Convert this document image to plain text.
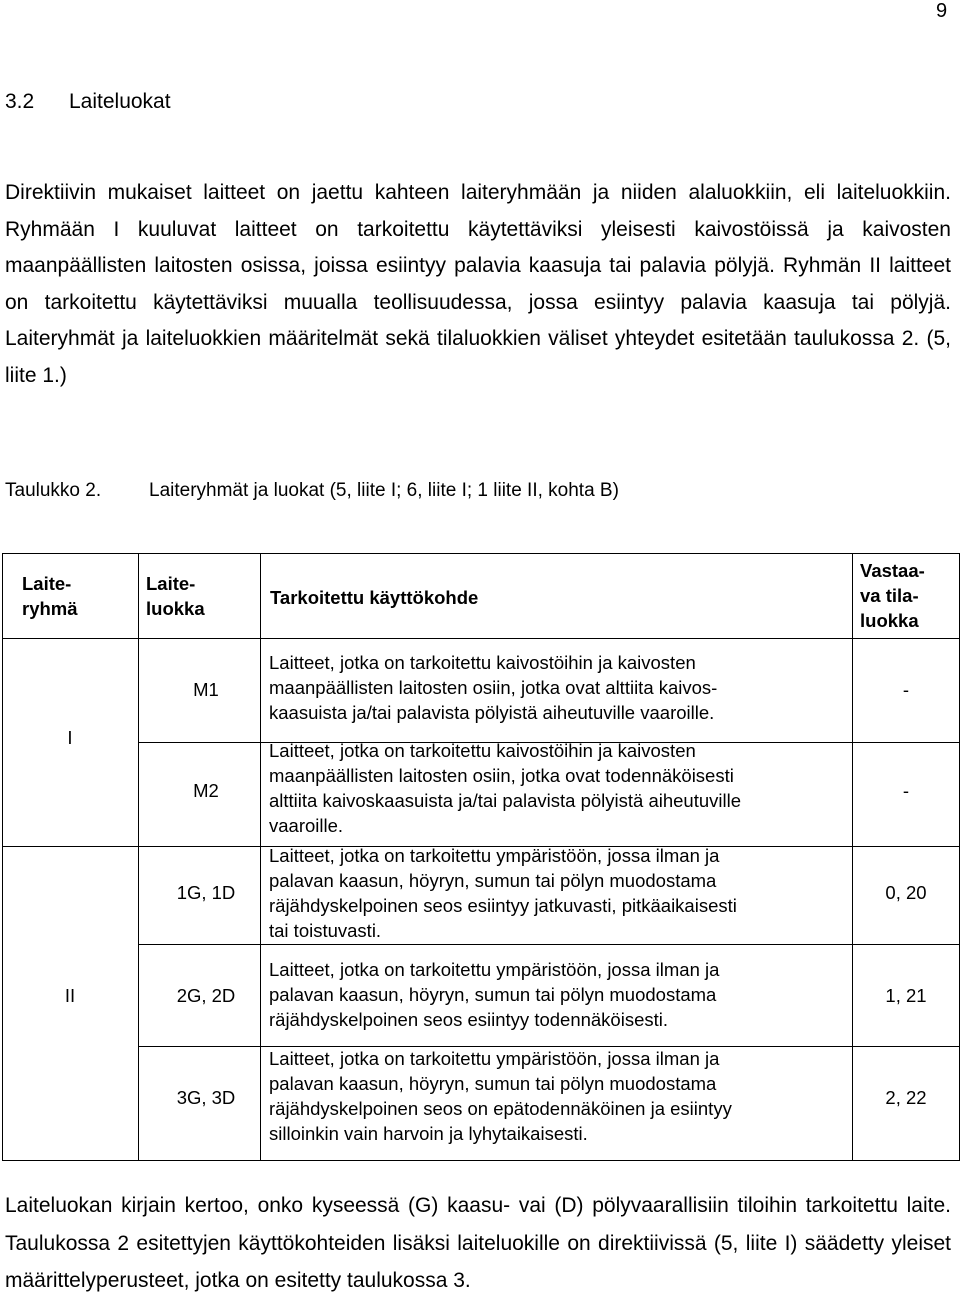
9
3.2 Laiteluokat

Direktiivin mukaiset laitteet on jaettu kahteen laiteryhmään ja niiden alaluokkiin, eli laiteluokkiin. Ryhmään I kuuluvat laitteet on tarkoitettu käytettäviksi yleisesti kaivostöissä ja kaivosten maanpäällisten laitosten osissa, joissa esiintyy palavia kaasuja tai palavia pölyjä. Ryhmän II laitteet on tarkoitettu käytettäviksi muualla teollisuudessa, jossa esiintyy palavia kaasuja tai pölyjä. Laiteryhmät ja laiteluokkien määritelmät sekä tilaluokkien väliset yhteydet esitetään taulukossa 2. (5, liite 1.)

Taulukko 2.	Laiteryhmät ja luokat (5, liite I; 6, liite I; 1 liite II, kohta B)
Laite-
ryhmä
Laite-
luokka
Tarkoitettu käyttökohde
Vastaa-
va tila-
luokka
I
II
M1
Laitteet, jotka on tarkoitettu kaivostöihin ja kaivosten
maanpäällisten laitosten osiin, jotka ovat alttiita kaivos-
kaasuista ja/tai palavista pölyistä aiheutuville vaaroille.
-
M2
Laitteet, jotka on tarkoitettu kaivostöihin ja kaivosten
maanpäällisten laitosten osiin, jotka ovat todennäköisesti
alttiita kaivoskaasuista ja/tai palavista pölyistä aiheutuville
vaaroille.
-
1G, 1D
Laitteet, jotka on tarkoitettu ympäristöön, jossa ilman ja
palavan kaasun, höyryn, sumun tai pölyn muodostama
räjähdyskelpoinen seos esiintyy jatkuvasti, pitkäaikaisesti
tai toistuvasti.
0, 20
2G, 2D
Laitteet, jotka on tarkoitettu ympäristöön, jossa ilman ja
palavan kaasun, höyryn, sumun tai pölyn muodostama
räjähdyskelpoinen seos esiintyy todennäköisesti.
1, 21
3G, 3D
Laitteet, jotka on tarkoitettu ympäristöön, jossa ilman ja
palavan kaasun, höyryn, sumun tai pölyn muodostama
räjähdyskelpoinen seos on epätodennäköinen ja esiintyy
silloinkin vain harvoin ja lyhytaikaisesti.
2, 22

Laiteluokan kirjain kertoo, onko kyseessä (G) kaasu- vai (D) pölyvaarallisiin tiloihin tarkoitettu laite. Taulukossa 2 esitettyjen käyttökohteiden lisäksi laiteluokille on direktiivissä (5, liite I) säädetty yleiset määrittelyperusteet, jotka on esitetty taulukossa 3.
